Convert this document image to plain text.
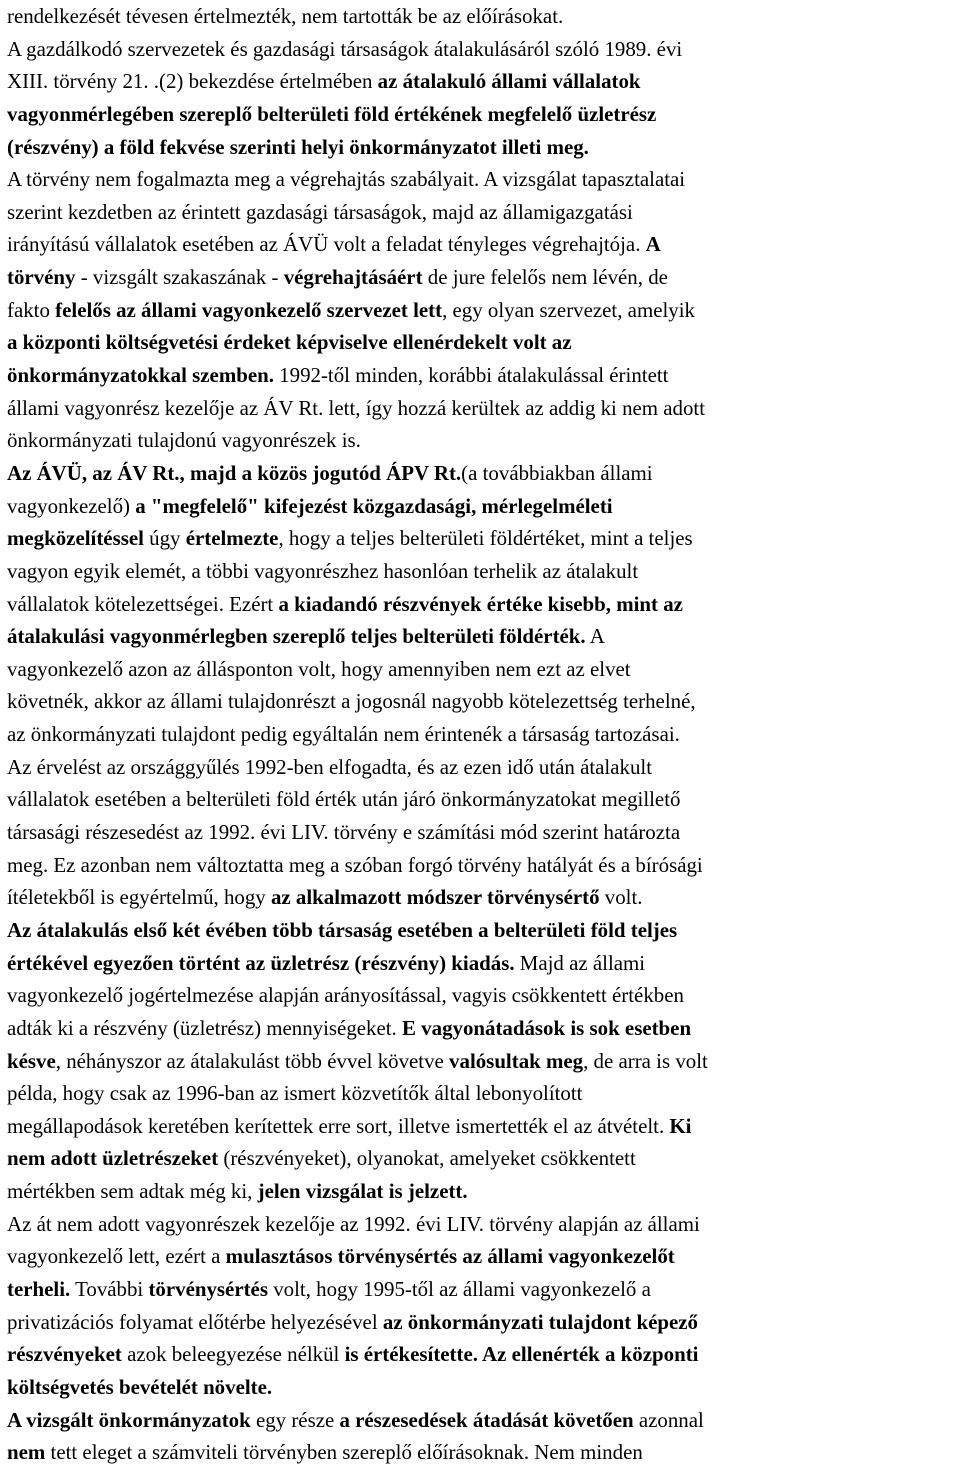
rendelkezését tévesen értelmezték, nem tartották be az előírásokat.
A gazdálkodó szervezetek és gazdasági társaságok átalakulásáról szóló 1989. évi
XIII. törvény 21. .(2) bekezdése értelmében az átalakuló állami vállalatok
vagyonmérlegében szereplő belterületi föld értékének megfelelő üzletrész
(részvény) a föld fekvése szerinti helyi önkormányzatot illeti meg.
A törvény nem fogalmazta meg a végrehajtás szabályait. A vizsgálat tapasztalatai
szerint kezdetben az érintett gazdasági társaságok, majd az államigazgatási
irányítású vállalatok esetében az ÁVÜ volt a feladat tényleges végrehajtója. A
törvény - vizsgált szakaszának - végrehajtásáért de jure felelős nem lévén, de
fakto felelős az állami vagyonkezelő szervezet lett, egy olyan szervezet, amelyik
a központi költségvetési érdeket képviselve ellenérdekelt volt az
önkormányzatokkal szemben. 1992-től minden, korábbi átalakulással érintett
állami vagyonrész kezelője az ÁV Rt. lett, így hozzá kerültek az addig ki nem adott
önkormányzati tulajdonú vagyonrészek is.
Az ÁVÜ, az ÁV Rt., majd a közös jogutód ÁPV Rt.(a továbbiakban állami
vagyonkezelő) a "megfelelő" kifejezést közgazdasági, mérlegelméleti
megközelítéssel úgy értelmezte, hogy a teljes belterületi földértéket, mint a teljes
vagyon egyik elemét, a többi vagyonrészhez hasonlóan terhelik az átalakult
vállalatok kötelezettségei. Ezért a kiadandó részvények értéke kisebb, mint az
átalakulási vagyonmérlegben szereplő teljes belterületi földérték. A
vagyonkezelő azon az állásponton volt, hogy amennyiben nem ezt az elvet
követnék, akkor az állami tulajdonrészt a jogosnál nagyobb kötelezettség terhelné,
az önkormányzati tulajdont pedig egyáltalán nem érintenék a társaság tartozásai.
Az érvelést az országgyűlés 1992-ben elfogadta, és az ezen idő után átalakult
vállalatok esetében a belterületi föld érték után járó önkormányzatokat megillető
társasági részesedést az 1992. évi LIV. törvény e számítási mód szerint határozta
meg. Ez azonban nem változtatta meg a szóban forgó törvény hatályát és a bírósági
ítéletekből is egyértelmű, hogy az alkalmazott módszer törvénysértő volt.
Az átalakulás első két évében több társaság esetében a belterületi föld teljes
értékével egyezően történt az üzletrész (részvény) kiadás. Majd az állami
vagyonkezelő jogértelmezése alapján arányosítással, vagyis csökkentett értékben
adták ki a részvény (üzletrész) mennyiségeket. E vagyonátadások is sok esetben
késve, néhányszor az átalakulást több évvel követve valósultak meg, de arra is volt
példa, hogy csak az 1996-ban az ismert közvetítők által lebonyolított
megállapodások keretében kerítettek erre sort, illetve ismertették el az átvételt. Ki
nem adott üzletrészeket (részvényeket), olyanokat, amelyeket csökkentett
mértékben sem adtak még ki, jelen vizsgálat is jelzett.
Az át nem adott vagyonrészek kezelője az 1992. évi LIV. törvény alapján az állami
vagyonkezelő lett, ezért a mulasztásos törvénysértés az állami vagyonkezelőt
terheli. További törvénysértés volt, hogy 1995-től az állami vagyonkezelő a
privatizációs folyamat előtérbe helyezésével az önkormányzati tulajdont képező
részvényeket azok beleegyezése nélkül is értékesítette. Az ellenérték a központi
költségvetés bevételét növelte.
A vizsgált önkormányzatok egy része a részesedések átadását követően azonnal
nem tett eleget a számviteli törvényben szereplő előírásoknak. Nem minden
